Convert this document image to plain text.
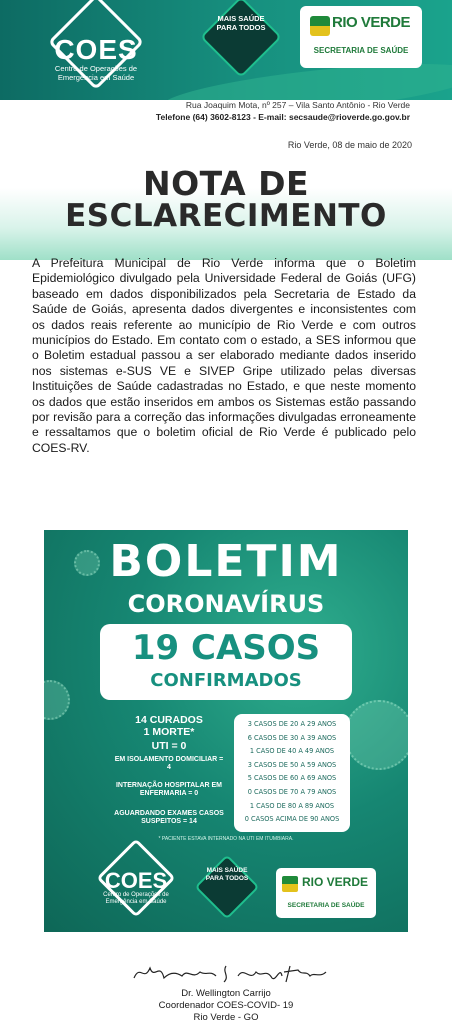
COES
Centro de Operações de Emergência em Saúde
MAIS SAÚDE PARA TODOS	RIO VERDE
SECRETARIA DE SAÚDE
Rua Joaquim Mota, nº 257 – Vila Santo Antônio - Rio Verde
Telefone (64) 3602-8123 - E-mail: secsaude@rioverde.go.gov.br
Rio Verde, 08 de maio de 2020
NOTA DE
ESCLARECIMENTO

A Prefeitura Municipal de Rio Verde informa que o Boletim Epidemiológico divulgado pela Universidade Federal de Goiás (UFG) baseado em dados disponibilizados pela Secretaria de Estado da Saúde de Goiás, apresenta dados divergentes e inconsistentes com os dados reais referente ao município de Rio Verde e com outros municípios do Estado. Em contato com o estado, a SES informou que o Boletim estadual passou a ser elaborado mediante dados inserido nos sistemas e-SUS VE e SIVEP Gripe utilizado pelas diversas Instituições de Saúde cadastradas no Estado, e que neste momento os dados que estão inseridos em ambos os Sistemas estão passando por revisão para a correção das informações divulgadas erroneamente e ressaltamos que o boletim oficial de Rio Verde é publicado pelo COES-RV.

BOLETIM
CORONAVÍRUS
19 CASOS
CONFIRMADOS
14 CURADOS
1 MORTE*
UTI = 0
EM ISOLAMENTO DOMICILIAR = 4
INTERNAÇÃO HOSPITALAR EM ENFERMARIA = 0
AGUARDANDO EXAMES CASOS SUSPEITOS = 14
3 CASOS DE 20 A 29 ANOS
6 CASOS DE 30 A 39 ANOS
1 CASO DE 40 A 49 ANOS
3 CASOS DE 50 A 59 ANOS
5 CASOS DE 60 A 69 ANOS
0 CASOS DE 70 A 79 ANOS
1 CASO DE 80 A 89 ANOS
0 CASOS ACIMA DE 90 ANOS
* PACIENTE ESTAVA INTERNADO NA UTI EM ITUMBIARA.
COES
Centro de Operações de Emergência em Saúde
MAIS SAÚDE PARA TODOS	RIO VERDE
SECRETARIA DE SAÚDE
Dr. Wellington Carrijo
Coordenador COES-COVID- 19
Rio Verde - GO
